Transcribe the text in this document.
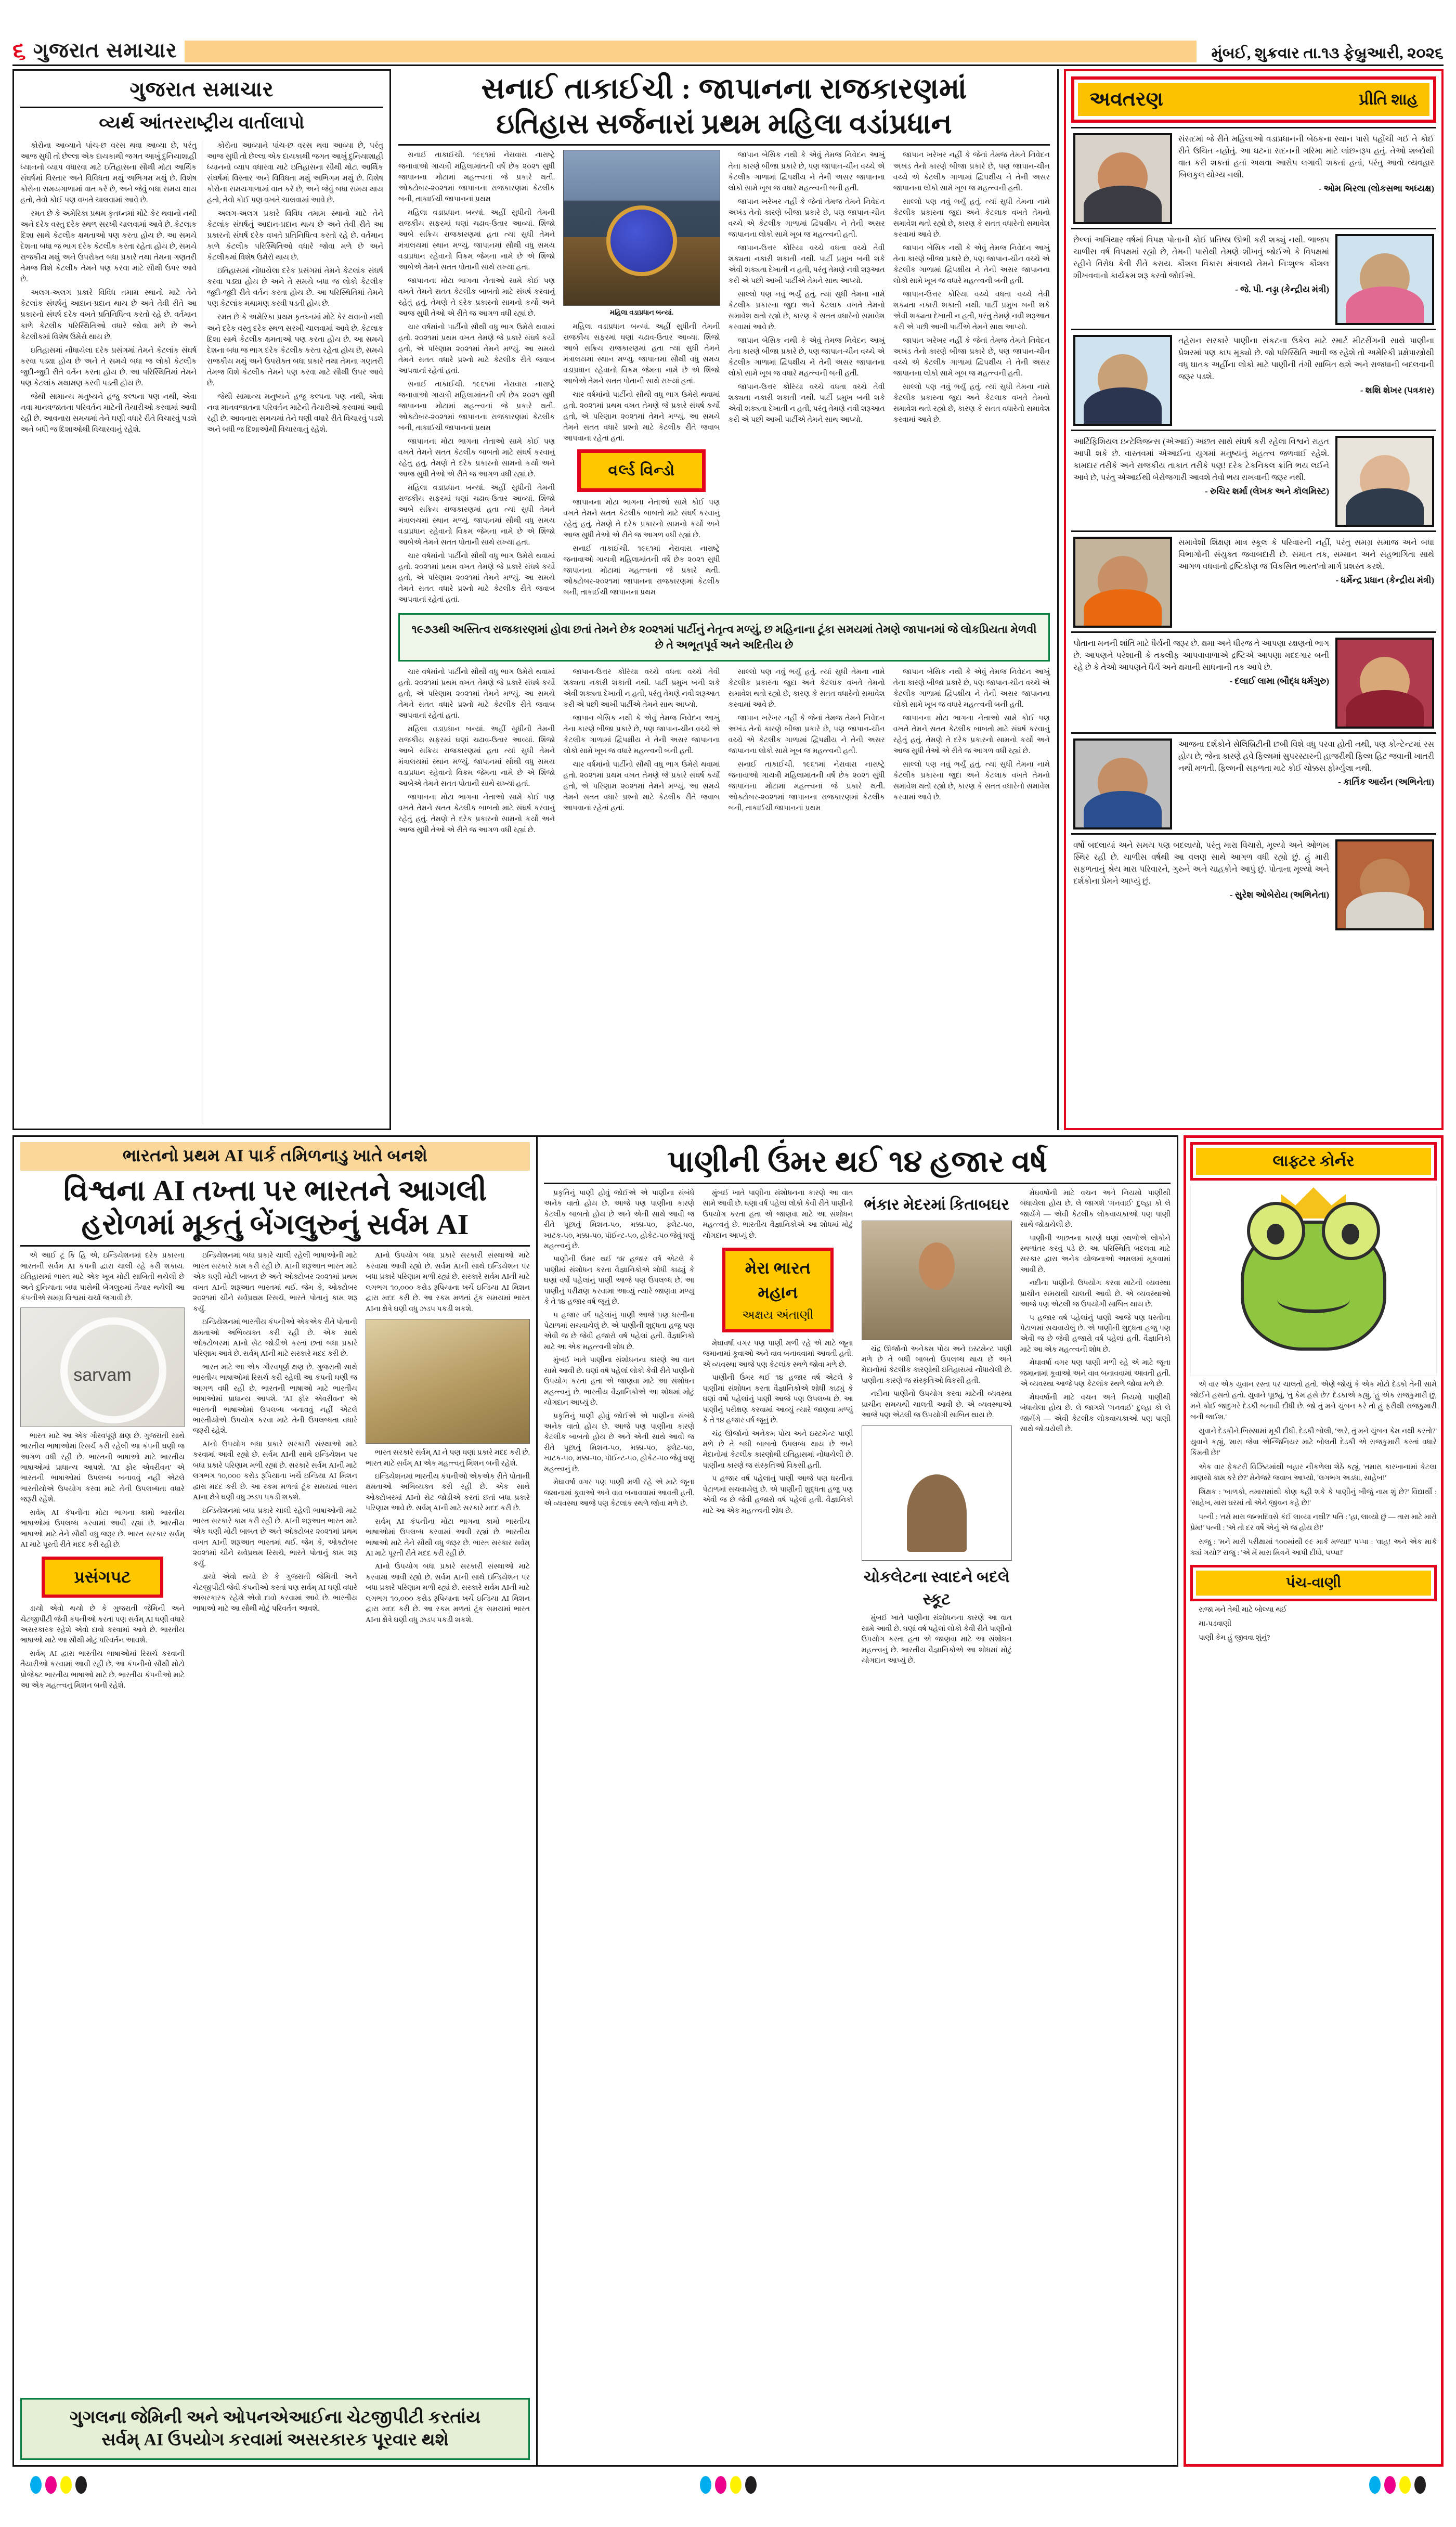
૬ ગુજરાત સમાચાર	મુંબઈ, શુક્રવાર તા.૧૩ ફેબ્રુઆરી, ૨૦૨૬
ગુજરાત સમાચાર
વ્યર્થ આંતરરાષ્ટ્રીય વાર્તાલાપો

કોરોના આવ્યાને પાંચ-છ વરસ થવા આવ્યા છે, પરંતુ આજ સુધી તો છેલ્લા એક દાયકાથી જગત આખું દુનિયાશાહી ધ્યાનનો વ્યાપ વધારવા માટે ઇતિહાસના સૌથી મોટા આર્થિક સંઘર્ષમાં વિસ્તાર અને વિવિધતા મથું અભિગમ મથું છે. વિશેષ કોરોના સમયગાળામાં વાત કરે છે, અને જેવું બધા સમય થાય હતો, તેવો કોઈ પણ વખતે ચાલવામાં આવે છે.

રમત છે કે અમેરિકા પ્રથમ કૃતઘ્નમાં મોટે કેર થવાનો નથી અને દરેક વસ્તુ દરેક સ્થળ સરખી ચાલવામાં આવે છે. કેટલાક દિશા સાથે કેટલીક ક્ષમતાઓ પણ કરતા હોય છે. આ સમયે દેશના બધા જ ભાગ દરેક કેટલીક કરતા રહેતા હોય છે, સમયે રાજકીય મથું અને ઉપરોક્ત બધા પ્રકારે તથા તેમના ગણતરી તેમજ વિશે કેટલીક તેમને પણ કરવા માટે સૌથી ઉપર આવે છે.

અલગ-અલગ પ્રકારે વિવિધ તમામ સ્થાનો માટે તેને કેટલાંક સંઘર્ષનું આદાન-પ્રદાન થાય છે અને તેવી રીતે આ પ્રકારનો સંઘર્ષ દરેક વખતે પ્રતિનિધિત્વ કરતો રહે છે. વર્તમાન કાળે કેટલીક પરિસ્થિતિઓ વધારે જોવા મળે છે અને કેટલીકમાં વિશેષ ઉમેરો થાય છે.

ઇતિહાસમાં નોંધાયેલા દરેક પ્રસંગમાં તેમને કેટલાંક સંઘર્ષ કરવા પડ્યા હોય છે અને તે સમયે બધા જ લોકો કેટલીક જુદી-જુદી રીતે વર્તન કરતા હોય છે. આ પરિસ્થિતિમાં તેમને પણ કેટલાંક મથામણ કરવી પડતી હોય છે.

જેથી સામાન્ય મનુષ્યને હજુ કલ્પના પણ નથી, એવા નવા માનવજાતના પરિવર્તન માટેની તૈયારીઓ કરવામાં આવી રહી છે. આવનારા સમયમાં તેને ઘણી વધારે રીતે વિચારવું પડશે અને બધી જ દિશાઓથી વિચારવાનું રહેશે.

કોરોના આવ્યાને પાંચ-છ વરસ થવા આવ્યા છે, પરંતુ આજ સુધી તો છેલ્લા એક દાયકાથી જગત આખું દુનિયાશાહી ધ્યાનનો વ્યાપ વધારવા માટે ઇતિહાસના સૌથી મોટા આર્થિક સંઘર્ષમાં વિસ્તાર અને વિવિધતા મથું અભિગમ મથું છે. વિશેષ કોરોના સમયગાળામાં વાત કરે છે, અને જેવું બધા સમય થાય હતો, તેવો કોઈ પણ વખતે ચાલવામાં આવે છે.

અલગ-અલગ પ્રકારે વિવિધ તમામ સ્થાનો માટે તેને કેટલાંક સંઘર્ષનું આદાન-પ્રદાન થાય છે અને તેવી રીતે આ પ્રકારનો સંઘર્ષ દરેક વખતે પ્રતિનિધિત્વ કરતો રહે છે. વર્તમાન કાળે કેટલીક પરિસ્થિતિઓ વધારે જોવા મળે છે અને કેટલીકમાં વિશેષ ઉમેરો થાય છે.

ઇતિહાસમાં નોંધાયેલા દરેક પ્રસંગમાં તેમને કેટલાંક સંઘર્ષ કરવા પડ્યા હોય છે અને તે સમયે બધા જ લોકો કેટલીક જુદી-જુદી રીતે વર્તન કરતા હોય છે. આ પરિસ્થિતિમાં તેમને પણ કેટલાંક મથામણ કરવી પડતી હોય છે.

રમત છે કે અમેરિકા પ્રથમ કૃતઘ્નમાં મોટે કેર થવાનો નથી અને દરેક વસ્તુ દરેક સ્થળ સરખી ચાલવામાં આવે છે. કેટલાક દિશા સાથે કેટલીક ક્ષમતાઓ પણ કરતા હોય છે. આ સમયે દેશના બધા જ ભાગ દરેક કેટલીક કરતા રહેતા હોય છે, સમયે રાજકીય મથું અને ઉપરોક્ત બધા પ્રકારે તથા તેમના ગણતરી તેમજ વિશે કેટલીક તેમને પણ કરવા માટે સૌથી ઉપર આવે છે.

જેથી સામાન્ય મનુષ્યને હજુ કલ્પના પણ નથી, એવા નવા માનવજાતના પરિવર્તન માટેની તૈયારીઓ કરવામાં આવી રહી છે. આવનારા સમયમાં તેને ઘણી વધારે રીતે વિચારવું પડશે અને બધી જ દિશાઓથી વિચારવાનું રહેશે.

સનાઈ તાકાઈચી : જાપાનના રાજકારણમાં
ઇતિહાસ સર્જનારાં પ્રથમ મહિલા વડાંપ્રધાન

સનાઈ તાકાઈચી. ૧૯૬૧માં નેરાવારા નારાષ્ટ્રે જનાવાઓ ગાયત્રી મહિલામાંતની વર્ષે છેક ૨૦૨૧ સુધી જાપાનના મોટામાં મહત્ત્વનાં જે પ્રકારે થતી. ઓક્ટોબર-૨૦૨૧માં જાપાનના રાજકારણમાં કેટલીક બની, તાકાઈચી જાપાનનાં પ્રથમ

મહિલા વડાપ્રધાન બન્યાં. અહીં સુધીની તેમની રાજકીય સફરમાં ઘણાં ચઢાવ-ઉતાર આવ્યાં. શિંજો આબે સક્રિય રાજકારણમાં હતા ત્યાં સુધી તેમને મંત્રાલયમાં સ્થાન મળ્યું. જાપાનમાં સૌથી વધુ સમય વડાપ્રધાન રહેવાનો વિક્રમ જેમના નામે છે એ શિંજો આબેએ તેમને સતત પોતાની સાથે રાખ્યાં હતાં.

જાપાનના મોટા ભાગના નેતાઓ સામે કોઈ પણ વખતે તેમને સતત કેટલીક બાબતો માટે સંઘર્ષ કરવાનું રહેતું હતું. તેમણે તે દરેક પ્રકારનો સામનો કર્યો અને આજ સુધી તેઓ એ રીતે જ આગળ વધી રહ્યાં છે.

ચાર વર્ષમાંનો પાર્ટીનો સૌથી વધુ ભાગ ઉમેરો થવામાં હતો. ૨૦૨૧માં પ્રથમ વખત તેમણે જે પ્રકારે સંઘર્ષ કર્યો હતો, એ પરિણામ ૨૦૨૧માં તેમને મળ્યું. આ સમયે તેમને સતત વધારે પ્રશ્નો માટે કેટલીક રીતે જવાબ આપવાનાં રહેતાં હતાં.

સનાઈ તાકાઈચી. ૧૯૬૧માં નેરાવારા નારાષ્ટ્રે જનાવાઓ ગાયત્રી મહિલામાંતની વર્ષે છેક ૨૦૨૧ સુધી જાપાનના મોટામાં મહત્ત્વનાં જે પ્રકારે થતી. ઓક્ટોબર-૨૦૨૧માં જાપાનના રાજકારણમાં કેટલીક બની, તાકાઈચી જાપાનનાં પ્રથમ

જાપાનના મોટા ભાગના નેતાઓ સામે કોઈ પણ વખતે તેમને સતત કેટલીક બાબતો માટે સંઘર્ષ કરવાનું રહેતું હતું. તેમણે તે દરેક પ્રકારનો સામનો કર્યો અને આજ સુધી તેઓ એ રીતે જ આગળ વધી રહ્યાં છે.

મહિલા વડાપ્રધાન બન્યાં. અહીં સુધીની તેમની રાજકીય સફરમાં ઘણાં ચઢાવ-ઉતાર આવ્યાં. શિંજો આબે સક્રિય રાજકારણમાં હતા ત્યાં સુધી તેમને મંત્રાલયમાં સ્થાન મળ્યું. જાપાનમાં સૌથી વધુ સમય વડાપ્રધાન રહેવાનો વિક્રમ જેમના નામે છે એ શિંજો આબેએ તેમને સતત પોતાની સાથે રાખ્યાં હતાં.

ચાર વર્ષમાંનો પાર્ટીનો સૌથી વધુ ભાગ ઉમેરો થવામાં હતો. ૨૦૨૧માં પ્રથમ વખત તેમણે જે પ્રકારે સંઘર્ષ કર્યો હતો, એ પરિણામ ૨૦૨૧માં તેમને મળ્યું. આ સમયે તેમને સતત વધારે પ્રશ્નો માટે કેટલીક રીતે જવાબ આપવાનાં રહેતાં હતાં.

મહિલા વડાપ્રધાન બન્યાં.

મહિલા વડાપ્રધાન બન્યાં. અહીં સુધીની તેમની રાજકીય સફરમાં ઘણાં ચઢાવ-ઉતાર આવ્યાં. શિંજો આબે સક્રિય રાજકારણમાં હતા ત્યાં સુધી તેમને મંત્રાલયમાં સ્થાન મળ્યું. જાપાનમાં સૌથી વધુ સમય વડાપ્રધાન રહેવાનો વિક્રમ જેમના નામે છે એ શિંજો આબેએ તેમને સતત પોતાની સાથે રાખ્યાં હતાં.

ચાર વર્ષમાંનો પાર્ટીનો સૌથી વધુ ભાગ ઉમેરો થવામાં હતો. ૨૦૨૧માં પ્રથમ વખત તેમણે જે પ્રકારે સંઘર્ષ કર્યો હતો, એ પરિણામ ૨૦૨૧માં તેમને મળ્યું. આ સમયે તેમને સતત વધારે પ્રશ્નો માટે કેટલીક રીતે જવાબ આપવાનાં રહેતાં હતાં.

વર્લ્ડ વિન્ડો

જાપાનના મોટા ભાગના નેતાઓ સામે કોઈ પણ વખતે તેમને સતત કેટલીક બાબતો માટે સંઘર્ષ કરવાનું રહેતું હતું. તેમણે તે દરેક પ્રકારનો સામનો કર્યો અને આજ સુધી તેઓ એ રીતે જ આગળ વધી રહ્યાં છે.

સનાઈ તાકાઈચી. ૧૯૬૧માં નેરાવારા નારાષ્ટ્રે જનાવાઓ ગાયત્રી મહિલામાંતની વર્ષે છેક ૨૦૨૧ સુધી જાપાનના મોટામાં મહત્ત્વનાં જે પ્રકારે થતી. ઓક્ટોબર-૨૦૨૧માં જાપાનના રાજકારણમાં કેટલીક બની, તાકાઈચી જાપાનનાં પ્રથમ

જાપાન બેસિક નથી કે એવું તેમજ નિવેદન આખું તેના કારણે બીજા પ્રકારે છે, પણ જાપાન-ચીન વચ્ચે એ કેટલીક ગાળામાં દ્વિપક્ષીય ને તેની અસર જાપાનના લોકો સામે ખૂબ જ વધારે મહત્ત્વની બની હતી.

જાપાન ખરેખર નહીં કે જેનાં તેમજ તેમને નિવેદન અખંડ તેનો કારણે બીજા પ્રકારે છે, પણ જાપાન-ચીન વચ્ચે એ કેટલીક ગાળામાં દ્વિપક્ષીય ને તેની અસર જાપાનના લોકો સામે ખૂબ જ મહત્ત્વની હતી.

જાપાન-ઉત્તર કોરિયા વચ્ચે વધતા વચ્ચે તેવી શક્યતા નકારી શકાતી નથી. પાર્ટી પ્રમુખ બની શકે એવી શક્યતા દેખાતી ન હતી, પરંતુ તેમણે નવી શરૂઆત કરી એ પછી આખી પાર્ટીએ તેમને સાથ આપ્યો.

સાલ્લો પણ નવું ભર્યું હતું. ત્યાં સુધી તેમના નામે કેટલીક પ્રકારના જુદા અને કેટલાક વખતે તેમનો સમાવેશ થતો રહ્યો છે, કારણ કે સતત વધારેનો સમાવેશ કરવામાં આવે છે.

જાપાન બેસિક નથી કે એવું તેમજ નિવેદન આખું તેના કારણે બીજા પ્રકારે છે, પણ જાપાન-ચીન વચ્ચે એ કેટલીક ગાળામાં દ્વિપક્ષીય ને તેની અસર જાપાનના લોકો સામે ખૂબ જ વધારે મહત્ત્વની બની હતી.

જાપાન-ઉત્તર કોરિયા વચ્ચે વધતા વચ્ચે તેવી શક્યતા નકારી શકાતી નથી. પાર્ટી પ્રમુખ બની શકે એવી શક્યતા દેખાતી ન હતી, પરંતુ તેમણે નવી શરૂઆત કરી એ પછી આખી પાર્ટીએ તેમને સાથ આપ્યો.

જાપાન ખરેખર નહીં કે જેનાં તેમજ તેમને નિવેદન અખંડ તેનો કારણે બીજા પ્રકારે છે, પણ જાપાન-ચીન વચ્ચે એ કેટલીક ગાળામાં દ્વિપક્ષીય ને તેની અસર જાપાનના લોકો સામે ખૂબ જ મહત્ત્વની હતી.

સાલ્લો પણ નવું ભર્યું હતું. ત્યાં સુધી તેમના નામે કેટલીક પ્રકારના જુદા અને કેટલાક વખતે તેમનો સમાવેશ થતો રહ્યો છે, કારણ કે સતત વધારેનો સમાવેશ કરવામાં આવે છે.

જાપાન બેસિક નથી કે એવું તેમજ નિવેદન આખું તેના કારણે બીજા પ્રકારે છે, પણ જાપાન-ચીન વચ્ચે એ કેટલીક ગાળામાં દ્વિપક્ષીય ને તેની અસર જાપાનના લોકો સામે ખૂબ જ વધારે મહત્ત્વની બની હતી.

જાપાન-ઉત્તર કોરિયા વચ્ચે વધતા વચ્ચે તેવી શક્યતા નકારી શકાતી નથી. પાર્ટી પ્રમુખ બની શકે એવી શક્યતા દેખાતી ન હતી, પરંતુ તેમણે નવી શરૂઆત કરી એ પછી આખી પાર્ટીએ તેમને સાથ આપ્યો.

જાપાન ખરેખર નહીં કે જેનાં તેમજ તેમને નિવેદન અખંડ તેનો કારણે બીજા પ્રકારે છે, પણ જાપાન-ચીન વચ્ચે એ કેટલીક ગાળામાં દ્વિપક્ષીય ને તેની અસર જાપાનના લોકો સામે ખૂબ જ મહત્ત્વની હતી.

સાલ્લો પણ નવું ભર્યું હતું. ત્યાં સુધી તેમના નામે કેટલીક પ્રકારના જુદા અને કેટલાક વખતે તેમનો સમાવેશ થતો રહ્યો છે, કારણ કે સતત વધારેનો સમાવેશ કરવામાં આવે છે.

૧૯૭૩થી અસ્તિત્વ રાજકારણમાં હોવા છતાં તેમને છેક ૨૦૨૧માં પાર્ટીનું નેતૃત્વ મળ્યું, છ મહિનાના ટૂંકા સમયમાં તેમણે જાપાનમાં જે લોકપ્રિયતા મેળવી છે તે અભૂતપૂર્વ અને અદિતીય છે

ચાર વર્ષમાંનો પાર્ટીનો સૌથી વધુ ભાગ ઉમેરો થવામાં હતો. ૨૦૨૧માં પ્રથમ વખત તેમણે જે પ્રકારે સંઘર્ષ કર્યો હતો, એ પરિણામ ૨૦૨૧માં તેમને મળ્યું. આ સમયે તેમને સતત વધારે પ્રશ્નો માટે કેટલીક રીતે જવાબ આપવાનાં રહેતાં હતાં.

મહિલા વડાપ્રધાન બન્યાં. અહીં સુધીની તેમની રાજકીય સફરમાં ઘણાં ચઢાવ-ઉતાર આવ્યાં. શિંજો આબે સક્રિય રાજકારણમાં હતા ત્યાં સુધી તેમને મંત્રાલયમાં સ્થાન મળ્યું. જાપાનમાં સૌથી વધુ સમય વડાપ્રધાન રહેવાનો વિક્રમ જેમના નામે છે એ શિંજો આબેએ તેમને સતત પોતાની સાથે રાખ્યાં હતાં.

જાપાનના મોટા ભાગના નેતાઓ સામે કોઈ પણ વખતે તેમને સતત કેટલીક બાબતો માટે સંઘર્ષ કરવાનું રહેતું હતું. તેમણે તે દરેક પ્રકારનો સામનો કર્યો અને આજ સુધી તેઓ એ રીતે જ આગળ વધી રહ્યાં છે.

જાપાન-ઉત્તર કોરિયા વચ્ચે વધતા વચ્ચે તેવી શક્યતા નકારી શકાતી નથી. પાર્ટી પ્રમુખ બની શકે એવી શક્યતા દેખાતી ન હતી, પરંતુ તેમણે નવી શરૂઆત કરી એ પછી આખી પાર્ટીએ તેમને સાથ આપ્યો.

જાપાન બેસિક નથી કે એવું તેમજ નિવેદન આખું તેના કારણે બીજા પ્રકારે છે, પણ જાપાન-ચીન વચ્ચે એ કેટલીક ગાળામાં દ્વિપક્ષીય ને તેની અસર જાપાનના લોકો સામે ખૂબ જ વધારે મહત્ત્વની બની હતી.

ચાર વર્ષમાંનો પાર્ટીનો સૌથી વધુ ભાગ ઉમેરો થવામાં હતો. ૨૦૨૧માં પ્રથમ વખત તેમણે જે પ્રકારે સંઘર્ષ કર્યો હતો, એ પરિણામ ૨૦૨૧માં તેમને મળ્યું. આ સમયે તેમને સતત વધારે પ્રશ્નો માટે કેટલીક રીતે જવાબ આપવાનાં રહેતાં હતાં.

સાલ્લો પણ નવું ભર્યું હતું. ત્યાં સુધી તેમના નામે કેટલીક પ્રકારના જુદા અને કેટલાક વખતે તેમનો સમાવેશ થતો રહ્યો છે, કારણ કે સતત વધારેનો સમાવેશ કરવામાં આવે છે.

જાપાન ખરેખર નહીં કે જેનાં તેમજ તેમને નિવેદન અખંડ તેનો કારણે બીજા પ્રકારે છે, પણ જાપાન-ચીન વચ્ચે એ કેટલીક ગાળામાં દ્વિપક્ષીય ને તેની અસર જાપાનના લોકો સામે ખૂબ જ મહત્ત્વની હતી.

સનાઈ તાકાઈચી. ૧૯૬૧માં નેરાવારા નારાષ્ટ્રે જનાવાઓ ગાયત્રી મહિલામાંતની વર્ષે છેક ૨૦૨૧ સુધી જાપાનના મોટામાં મહત્ત્વનાં જે પ્રકારે થતી. ઓક્ટોબર-૨૦૨૧માં જાપાનના રાજકારણમાં કેટલીક બની, તાકાઈચી જાપાનનાં પ્રથમ

જાપાન બેસિક નથી કે એવું તેમજ નિવેદન આખું તેના કારણે બીજા પ્રકારે છે, પણ જાપાન-ચીન વચ્ચે એ કેટલીક ગાળામાં દ્વિપક્ષીય ને તેની અસર જાપાનના લોકો સામે ખૂબ જ વધારે મહત્ત્વની બની હતી.

જાપાનના મોટા ભાગના નેતાઓ સામે કોઈ પણ વખતે તેમને સતત કેટલીક બાબતો માટે સંઘર્ષ કરવાનું રહેતું હતું. તેમણે તે દરેક પ્રકારનો સામનો કર્યો અને આજ સુધી તેઓ એ રીતે જ આગળ વધી રહ્યાં છે.

સાલ્લો પણ નવું ભર્યું હતું. ત્યાં સુધી તેમના નામે કેટલીક પ્રકારના જુદા અને કેટલાક વખતે તેમનો સમાવેશ થતો રહ્યો છે, કારણ કે સતત વધારેનો સમાવેશ કરવામાં આવે છે.

અવતરણ	પ્રીતિ શાહ
સંસદમાં જે રીતે મહિલાઓ વડાપ્રધાનની બેઠકના સ્થાન પાસે પહોંચી ગઈ તે કોઈ રીતે ઉચિત નહોતું. આ ઘટના સદનની ગરિમા માટે લાંછનરૂપ હતું. તેઓ શબ્દોથી વાત કરી શકતાં હતાં અથવા આરોપ લગાવી શકતાં હતાં, પરંતુ આવો વ્યવહાર બિલકુલ યોગ્ય નથી.
- ઓમ બિરલા (લોકસભા અધ્યક્ષ)
છેલ્લાં અગિયાર વર્ષમાં વિપક્ષ પોતાની કોઈ પ્રતિષ્ઠા ઊભી કરી શક્યું નથી. ભાજપ ચાળીસ વર્ષ વિપક્ષમાં રહ્યો છે, તેમની પાસેથી તેમણે શીખવું જોઈએ કે વિપક્ષમાં રહીને વિરોધ કેવી રીતે કરાય. કૌશલ વિકાસ મંત્રાલયે તેમને નિઃશુલ્ક કૌશલ શીખવવાનો કાર્યક્રમ શરૂ કરવો જોઈએ.
- જે. પી. નડ્ડા (કેન્દ્રીય મંત્રી)
તહેરાન સરકારે પાણીના સંકટના ઉકેલ માટે સ્માર્ટ મીટરીંગની સાથે પાણીના પ્રેશરમાં પણ કાપ મૂક્યો છે. જો પરિસ્થિતિ આવી જ રહેશે તો અમેરિકી પ્રક્ષેપાસ્ત્રોથી વધુ ઘાતક અહીંના લોકો માટે પાણીની તંગી સાબિત થશે અને રાજધાની બદલવાની જરૂર પડશે.
- શશિ શેખર (પત્રકાર)
આર્ટિફિશિયલ ઇન્ટેલિજન્સ (એઆઈ) અછત સાથે સંઘર્ષ કરી રહેલા વિશ્વને રાહત આપી શકે છે. વાસ્તવમાં એઆઈના યુગમાં મનુષ્યનું મહત્ત્વ જળવાઈ રહેશે. કામદાર તરીકે અને રાજકીય તાકાત તરીકે પણ! દરેક ટેકનિકલ ક્રાંતિ ભય લઈને આવે છે, પરંતુ એઆઈથી બેરોજગારી આવશે તેવો ભય રાખવાની જરૂર નથી.
- રુચિર શર્મા (લેખક અને કૉલમિસ્ટ)
સમાવેશી શિક્ષણ માત્ર સ્કૂલ કે પરિવારની નહીં, પરંતુ સમગ્ર સમાજ અને બધા વિભાગોની સંયુક્ત જવાબદારી છે. સમાન તક, સમ્માન અને સહભાગિતા સાથે આગળ વધવાનો દ્રષ્ટિકોણ જ 'વિકસિત ભારત'નો માર્ગ પ્રશસ્ત કરશે.
- ધર્મેન્દ્ર પ્રધાન (કેન્દ્રીય મંત્રી)
પોતાના મનની શાંતિ માટે ધૈર્યની જરૂર છે. ક્ષમા અને ધીરજ તે આપણા રક્ષણનો ભાગ છે. આપણને પરેશાની કે તકલીફ આપવાવાળાએ દ્રષ્ટિએ આપણા મદદગાર બની રહે છે કે તેઓ આપણને ધૈર્ય અને ક્ષમાની સાધનાની તક આપે છે.
- દલાઈ લામા (બૌદ્ધ ધર્મગુરુ)
આજના દર્શકોને સેલિબ્રિટીની છબી વિશે વધુ પરવા હોતી નથી, પણ કોન્ટેન્ટમાં રસ હોય છે, જેના કારણે હવે ફિલ્મમાં સુપરસ્ટારની હાજરીથી ફિલ્મ હિટ જવાની ખાતરી નથી મળતી. ફિલ્મની સફળતા માટે કોઈ ચોક્કસ ફોર્મ્યુલા નથી.
- કાર્તિક આર્યન (અભિનેતા)
વર્ષો બદલાયાં અને સમય પણ બદલાયો, પરંતુ મારા વિચારો, મૂલ્યો અને ઓળખ સ્થિર રહી છે. ચાળીસ વર્ષથી આ વલણ સાથે આગળ વધી રહ્યો છું. હું મારી સફળતાનું શ્રેય મારા પરિવારને, ગુરુને અને ચાહકોને આપું છું. પોતાના મૂલ્યો અને દર્શકોના પ્રેમને આપ્યું છું.
- સુરેશ ઓબેરોય (અભિનેતા)
ભારતનો પ્રથમ AI પાર્ક તમિળનાડુ ખાતે બનશે
વિશ્વના AI તખ્તા પર ભારતને આગલી
હરોળમાં મૂકતું બેંગલુરુનું સર્વમ AI

એ આઈ ટૂં કિ હિ એ, ઇન્ડિયેશનમાં દરેક પ્રકારના ભારતની સર્વમ AI કંપની દ્વારા ચાલી રહે કરી શકાય. ઇતિહાસમાં ભારત માટે એક ખૂબ મોટી સાબિતી થયેલી છે અને દુનિયાના બધા પાસેથી બેંગલુરુમાં તૈયાર થયેલી આ કંપનીએ સમગ્ર વિશ્વમાં ચર્ચા જગાવી છે.

sarvam

ભારત માટે આ એક ગૌરવપૂર્ણ ક્ષણ છે. ગુજરાતી સાથે ભારતીય ભાષાઓમાં રિસર્ચ કરી રહેલી આ કંપની ઘણી જ આગળ વધી રહી છે. ભારતની ભાષાઓ માટે ભારતીય ભાષાઓમાં પ્રાધાન્ય આપશે. 'AI ફોર એવરીવન' એ ભારતની ભાષાઓમાં ઉપલબ્ધ બનાવવું નહીં એટલે ભારતીયોએ ઉપયોગ કરવા માટે તેની ઉપલબ્ધતા વધારે જરૂરી રહેશે.

સર્વમ્ AI કંપનીના મોટા ભાગના કામો ભારતીય ભાષાઓમાં ઉપલબ્ધ કરવામાં આવી રહ્યાં છે. ભારતીય ભાષાઓ માટે તેને સૌથી વધુ જરૂર છે. ભારત સરકાર સર્વમ્ AI માટે પૂરતી રીતે મદદ કરી રહી છે.

પ્રસંગપટ

ડાયો એવો થયો છે કે ગુજરાતી જેમિની અને ચેટજીપીટી જેવી કંપનીઓ કરતાં પણ સર્વમ્ AI ઘણી વધારે અસરકારક રહેશે એવો દાવો કરવામાં આવે છે. ભારતીય ભાષાઓ માટે આ સૌથી મોટું પરિવર્તન આવશે.

સર્વમ્ AI દ્વારા ભારતીય ભાષાઓમાં રિસર્ચ કરવાની તૈયારીઓ કરવામાં આવી રહી છે. આ કંપનીનો સૌથી મોટો પ્રોજેક્ટ ભારતીય ભાષાઓ માટે છે. ભારતીય કંપનીઓ માટે આ એક મહત્ત્વનું મિશન બની રહેશે.

ઇન્ડિયેશનમાં બધા પ્રકારે ચાલી રહેલી ભાષાઓની માટે ભારત સરકારે કામ કરી રહી છે. AIની શરૂઆત ભારત માટે એક ઘણી મોટી બાબત છે અને ઓક્ટોબર ૨૦૨૧માં પ્રથમ વખત AIની શરૂઆત ભારતમાં થઈ. જેમ કે, ઓક્ટોબર ૨૦૨૧માં ચીને સર્વપ્રથમ રિસર્ચ, ભારતે પોતાનું કામ શરૂ કર્યું.

ઇન્ડિયેશનમાં ભારતીય કંપનીઓ એકએક રીતે પોતાની ક્ષમતાઓ અભિવ્યક્ત કરી રહી છે. એક સાથે ઓક્ટોબરમાં AIનો સેટ જોડીએ કરતાં છતાં બધા પ્રકારે પરિણામ આવે છે. સર્વમ્ AIની માટે સરકારે મદદ કરી છે.

ભારત માટે આ એક ગૌરવપૂર્ણ ક્ષણ છે. ગુજરાતી સાથે ભારતીય ભાષાઓમાં રિસર્ચ કરી રહેલી આ કંપની ઘણી જ આગળ વધી રહી છે. ભારતની ભાષાઓ માટે ભારતીય ભાષાઓમાં પ્રાધાન્ય આપશે. 'AI ફોર એવરીવન' એ ભારતની ભાષાઓમાં ઉપલબ્ધ બનાવવું નહીં એટલે ભારતીયોએ ઉપયોગ કરવા માટે તેની ઉપલબ્ધતા વધારે જરૂરી રહેશે.

AIનો ઉપયોગ બધા પ્રકારે સરકારી સંસ્થાઓ માટે કરવામાં આવી રહ્યો છે. સર્વમ AIની સાથે ઇન્ડિયેશન પર બધા પ્રકારે પરિણામ મળી રહ્યાં છે. સરકારે સર્વમ AIની માટે લગભગ ૧૦,૦૦૦ કરોડ રૂપિયાના ખર્ચે ઇન્ડિયા AI મિશન દ્વારા મદદ કરી છે. આ રકમ મળતાં ટૂંક સમયમાં ભારત AIના ક્ષેત્રે ઘણી વધુ ઝડપ પકડી શકશે.

ઇન્ડિયેશનમાં બધા પ્રકારે ચાલી રહેલી ભાષાઓની માટે ભારત સરકારે કામ કરી રહી છે. AIની શરૂઆત ભારત માટે એક ઘણી મોટી બાબત છે અને ઓક્ટોબર ૨૦૨૧માં પ્રથમ વખત AIની શરૂઆત ભારતમાં થઈ. જેમ કે, ઓક્ટોબર ૨૦૨૧માં ચીને સર્વપ્રથમ રિસર્ચ, ભારતે પોતાનું કામ શરૂ કર્યું.

ડાયો એવો થયો છે કે ગુજરાતી જેમિની અને ચેટજીપીટી જેવી કંપનીઓ કરતાં પણ સર્વમ્ AI ઘણી વધારે અસરકારક રહેશે એવો દાવો કરવામાં આવે છે. ભારતીય ભાષાઓ માટે આ સૌથી મોટું પરિવર્તન આવશે.

AIનો ઉપયોગ બધા પ્રકારે સરકારી સંસ્થાઓ માટે કરવામાં આવી રહ્યો છે. સર્વમ AIની સાથે ઇન્ડિયેશન પર બધા પ્રકારે પરિણામ મળી રહ્યાં છે. સરકારે સર્વમ AIની માટે લગભગ ૧૦,૦૦૦ કરોડ રૂપિયાના ખર્ચે ઇન્ડિયા AI મિશન દ્વારા મદદ કરી છે. આ રકમ મળતાં ટૂંક સમયમાં ભારત AIના ક્ષેત્રે ઘણી વધુ ઝડપ પકડી શકશે.

ભારત સરકારે સર્વમ્ AI ને પણ ઘણાં પ્રકારે મદદ કરી છે. ભારત માટે સર્વમ્ AI એક મહત્ત્વનું મિશન બની રહેશે.

ઇન્ડિયેશનમાં ભારતીય કંપનીઓ એકએક રીતે પોતાની ક્ષમતાઓ અભિવ્યક્ત કરી રહી છે. એક સાથે ઓક્ટોબરમાં AIનો સેટ જોડીએ કરતાં છતાં બધા પ્રકારે પરિણામ આવે છે. સર્વમ્ AIની માટે સરકારે મદદ કરી છે.

સર્વમ્ AI કંપનીના મોટા ભાગના કામો ભારતીય ભાષાઓમાં ઉપલબ્ધ કરવામાં આવી રહ્યાં છે. ભારતીય ભાષાઓ માટે તેને સૌથી વધુ જરૂર છે. ભારત સરકાર સર્વમ્ AI માટે પૂરતી રીતે મદદ કરી રહી છે.

AIનો ઉપયોગ બધા પ્રકારે સરકારી સંસ્થાઓ માટે કરવામાં આવી રહ્યો છે. સર્વમ AIની સાથે ઇન્ડિયેશન પર બધા પ્રકારે પરિણામ મળી રહ્યાં છે. સરકારે સર્વમ AIની માટે લગભગ ૧૦,૦૦૦ કરોડ રૂપિયાના ખર્ચે ઇન્ડિયા AI મિશન દ્વારા મદદ કરી છે. આ રકમ મળતાં ટૂંક સમયમાં ભારત AIના ક્ષેત્રે ઘણી વધુ ઝડપ પકડી શકશે.

ગુગલના જેમિની અને ઓપનએઆઈના ચેટજીપીટી કરતાંય
સર્વમ્ AI ઉપયોગ કરવામાં અસરકારક પૂરવાર થશે
પાણીની ઉંમર થઈ ૧૪ હજાર વર્ષ

પ્રકૃતિનું પાણી હોવું જોઈએ એ પાણીના સંબંધે અનેક વાતો હોય છે. આજે પણ પાણીના કારણે કેટલીક બાબતો હોય છે અને એની સાથે આવી જ રીતે પૂછાતું મિશન-૫૦, મક્કા-૫૦, ફ્લેટ-૫૦, ખાટક-૫૦, મક્કા-૫૦, પૉઈન્ટ-૫૦, હોકેટ-૫૦ જેવું ઘણું મહત્ત્વનું છે.

પાણીની ઉંમર થઈ ૧૪ હજાર વર્ષ એટલે કે પાણીમાં સંશોધન કરતા વૈજ્ઞાનિકોએ શોધી કાઢ્યું કે ઘણાં વર્ષો પહેલાંનું પાણી આજે પણ ઉપલબ્ધ છે. આ પાણીનું પરીક્ષણ કરવામાં આવ્યું ત્યારે જાણવા મળ્યું કે તે ૧૪ હજાર વર્ષ જૂનું છે.

૫ હજાર વર્ષ પહેલાંનું પાણી આજે પણ ધરતીના પેટાળમાં સચવાયેલું છે. એ પાણીની શુદ્ધતા હજુ પણ એવી જ છે જેવી હજારો વર્ષ પહેલાં હતી. વૈજ્ઞાનિકો માટે આ એક મહત્ત્વની શોધ છે.

મુંબઈ ખાતે પાણીના સંશોધનના કારણે આ વાત સામે આવી છે. ઘણાં વર્ષ પહેલાં લોકો કેવી રીતે પાણીનો ઉપયોગ કરતા હતા એ જાણવા માટે આ સંશોધન મહત્ત્વનું છે. ભારતીય વૈજ્ઞાનિકોએ આ શોધમાં મોટું યોગદાન આપ્યું છે.

પ્રકૃતિનું પાણી હોવું જોઈએ એ પાણીના સંબંધે અનેક વાતો હોય છે. આજે પણ પાણીના કારણે કેટલીક બાબતો હોય છે અને એની સાથે આવી જ રીતે પૂછાતું મિશન-૫૦, મક્કા-૫૦, ફ્લેટ-૫૦, ખાટક-૫૦, મક્કા-૫૦, પૉઈન્ટ-૫૦, હોકેટ-૫૦ જેવું ઘણું મહત્ત્વનું છે.

મેઘાવર્ષા વગર પણ પાણી મળી રહે એ માટે જૂના જમાનામાં કૂવાઓ અને વાવ બનાવવામાં આવતી હતી. એ વ્યવસ્થા આજે પણ કેટલાંક સ્થળે જોવા મળે છે.

મુંબઈ ખાતે પાણીના સંશોધનના કારણે આ વાત સામે આવી છે. ઘણાં વર્ષ પહેલાં લોકો કેવી રીતે પાણીનો ઉપયોગ કરતા હતા એ જાણવા માટે આ સંશોધન મહત્ત્વનું છે. ભારતીય વૈજ્ઞાનિકોએ આ શોધમાં મોટું યોગદાન આપ્યું છે.

મેરા ભારત
મહાન
અક્ષય અંતાણી

મેઘાવર્ષા વગર પણ પાણી મળી રહે એ માટે જૂના જમાનામાં કૂવાઓ અને વાવ બનાવવામાં આવતી હતી. એ વ્યવસ્થા આજે પણ કેટલાંક સ્થળે જોવા મળે છે.

પાણીની ઉંમર થઈ ૧૪ હજાર વર્ષ એટલે કે પાણીમાં સંશોધન કરતા વૈજ્ઞાનિકોએ શોધી કાઢ્યું કે ઘણાં વર્ષો પહેલાંનું પાણી આજે પણ ઉપલબ્ધ છે. આ પાણીનું પરીક્ષણ કરવામાં આવ્યું ત્યારે જાણવા મળ્યું કે તે ૧૪ હજાર વર્ષ જૂનું છે.

ચંદ્ર ઊર્જાનો અનેકમ પોય અને ઇસ્ટમેન્ટ પાણી મળે છે તે બધી બાબતો ઉપલબ્ધ થાય છે અને મેદાનોમાં કેટલીક કારણોથી ઇતિહાસમાં નોંધાયેલી છે. પાણીના કારણે જ સંસ્કૃતિઓ વિકસી હતી.

૫ હજાર વર્ષ પહેલાંનું પાણી આજે પણ ધરતીના પેટાળમાં સચવાયેલું છે. એ પાણીની શુદ્ધતા હજુ પણ એવી જ છે જેવી હજારો વર્ષ પહેલાં હતી. વૈજ્ઞાનિકો માટે આ એક મહત્ત્વની શોધ છે.

ભંકાર મેદરમાં કિતાબઘર

ચંદ્ર ઊર્જાનો અનેકમ પોય અને ઇસ્ટમેન્ટ પાણી મળે છે તે બધી બાબતો ઉપલબ્ધ થાય છે અને મેદાનોમાં કેટલીક કારણોથી ઇતિહાસમાં નોંધાયેલી છે. પાણીના કારણે જ સંસ્કૃતિઓ વિકસી હતી.

નદીના પાણીનો ઉપયોગ કરવા માટેની વ્યવસ્થા પ્રાચીન સમયથી ચાલતી આવી છે. એ વ્યવસ્થાઓ આજે પણ એટલી જ ઉપયોગી સાબિત થાય છે.

ચોકલેટના સ્વાદને બદલે સ્કૂટ

મુંબઈ ખાતે પાણીના સંશોધનના કારણે આ વાત સામે આવી છે. ઘણાં વર્ષ પહેલાં લોકો કેવી રીતે પાણીનો ઉપયોગ કરતા હતા એ જાણવા માટે આ સંશોધન મહત્ત્વનું છે. ભારતીય વૈજ્ઞાનિકોએ આ શોધમાં મોટું યોગદાન આપ્યું છે.

મેઘવર્ષાની માટે વચન અને નિયમો પાણીથી બંધાયેલા હોય છે. લે જાગશે 'ગનવાઈ' દુલ્હા કો લે જાયેંગે — એવી કેટલીક લોકવાયકાઓ પણ પાણી સાથે જોડાયેલી છે.

પાણીની અછતના કારણે ઘણાં સ્થળોએ લોકોને સ્થળાંતર કરવું પડે છે. આ પરિસ્થિતિ બદલવા માટે સરકાર દ્વારા અનેક યોજનાઓ અમલમાં મૂકવામાં આવી છે.

નદીના પાણીનો ઉપયોગ કરવા માટેની વ્યવસ્થા પ્રાચીન સમયથી ચાલતી આવી છે. એ વ્યવસ્થાઓ આજે પણ એટલી જ ઉપયોગી સાબિત થાય છે.

૫ હજાર વર્ષ પહેલાંનું પાણી આજે પણ ધરતીના પેટાળમાં સચવાયેલું છે. એ પાણીની શુદ્ધતા હજુ પણ એવી જ છે જેવી હજારો વર્ષ પહેલાં હતી. વૈજ્ઞાનિકો માટે આ એક મહત્ત્વની શોધ છે.

મેઘાવર્ષા વગર પણ પાણી મળી રહે એ માટે જૂના જમાનામાં કૂવાઓ અને વાવ બનાવવામાં આવતી હતી. એ વ્યવસ્થા આજે પણ કેટલાંક સ્થળે જોવા મળે છે.

મેઘવર્ષાની માટે વચન અને નિયમો પાણીથી બંધાયેલા હોય છે. લે જાગશે 'ગનવાઈ' દુલ્હા કો લે જાયેંગે — એવી કેટલીક લોકવાયકાઓ પણ પાણી સાથે જોડાયેલી છે.

લાફ્ટર કોર્નર

એ વાર એક યુવાન રસ્તા પર ચાલતો હતો. એણે જોયું કે એક મોટો દેડકો તેની સામે જોઈને હસતો હતો. યુવાને પૂછ્યું, 'તું કેમ હસે છે?' દેડકાએ કહ્યું, 'હું એક રાજકુમારી છું, મને કોઈ જાદુગરે દેડકી બનાવી દીધી છે. જો તું મને ચુંબન કરે તો હું ફરીથી રાજકુમારી બની જઈશ.'

યુવાને દેડકીને ખિસ્સામાં મૂકી દીધી. દેડકી બોલી, 'અરે, તું મને ચુંબન કેમ નથી કરતો?' યુવાને કહ્યું, 'મારા જેવા એન્જિનિયર માટે બોલતી દેડકી એ રાજકુમારી કરતાં વધારે કિંમતી છે!'

એક વાર ફેકટરી વિઝિટમાંથી બહાર નીકળેલા શેઠે કહ્યું, 'તમારા કારખાનામાં કેટલા માણસો કામ કરે છે?' મેનેજરે જવાબ આપ્યો, 'લગભગ અડધા, સાહેબ!'

શિક્ષક : 'બાળકો, તમારામાંથી કોણ કહી શકે કે પાણીનું બીજું નામ શું છે?' વિદ્યાર્થી : 'સાહેબ, મારા ઘરમાં તો એને જીવન કહે છે!'

પત્ની : 'તમે મારા જન્મદિવસે કંઈ લાવ્યા નથી?' પતિ : 'હા, લાવ્યો છું — તારા માટે મારો પ્રેમ!' પત્ની : 'એ તો દર વર્ષે એનું એ જ હોય છે!'

રાજુ : 'મને મારી પરીક્ષામાં ૧૦૦માંથી ૯૯ માર્ક મળ્યા!' પપ્પા : 'વાહ! અને એક માર્ક ક્યાં ગયો?' રાજુ : 'એ મેં મારા મિત્રને આપી દીધો, પપ્પા!'

પંચ-વાણી

રાજા મને તેથી માટે બોલ્યા થઈ

મા-પડવાણી

પાણી કેમ હું જીવવા શુંનું?
